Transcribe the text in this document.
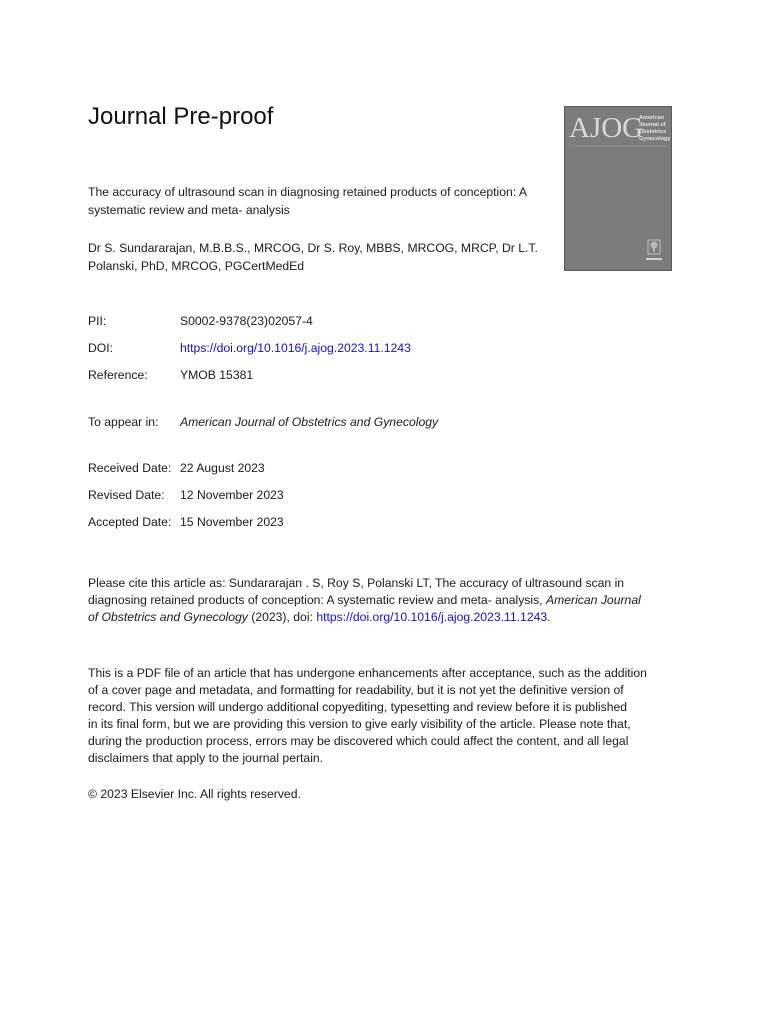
Journal Pre-proof	AJOG
American
Journal of
Obstetrics
Gynecology
The accuracy of ultrasound scan in diagnosing retained products of conception: A
systematic review and meta- analysis
Dr S. Sundararajan, M.B.B.S., MRCOG, Dr S. Roy, MBBS, MRCOG, MRCP, Dr L.T.
Polanski, PhD, MRCOG, PGCertMedEd
PII:	S0002-9378(23)02057-4
DOI:	https://doi.org/10.1016/j.ajog.2023.11.1243
Reference:	YMOB 15381
To appear in: American Journal of Obstetrics and Gynecology
Received Date: 22 August 2023
Revised Date: 12 November 2023
Accepted Date: 15 November 2023
Please cite this article as: Sundararajan . S, Roy S, Polanski LT, The accuracy of ultrasound scan in
diagnosing retained products of conception: A systematic review and meta- analysis, American Journal
of Obstetrics and Gynecology (2023), doi: https://doi.org/10.1016/j.ajog.2023.11.1243.
This is a PDF file of an article that has undergone enhancements after acceptance, such as the addition
of a cover page and metadata, and formatting for readability, but it is not yet the definitive version of
record. This version will undergo additional copyediting, typesetting and review before it is published
in its final form, but we are providing this version to give early visibility of the article. Please note that,
during the production process, errors may be discovered which could affect the content, and all legal
disclaimers that apply to the journal pertain.
© 2023 Elsevier Inc. All rights reserved.
